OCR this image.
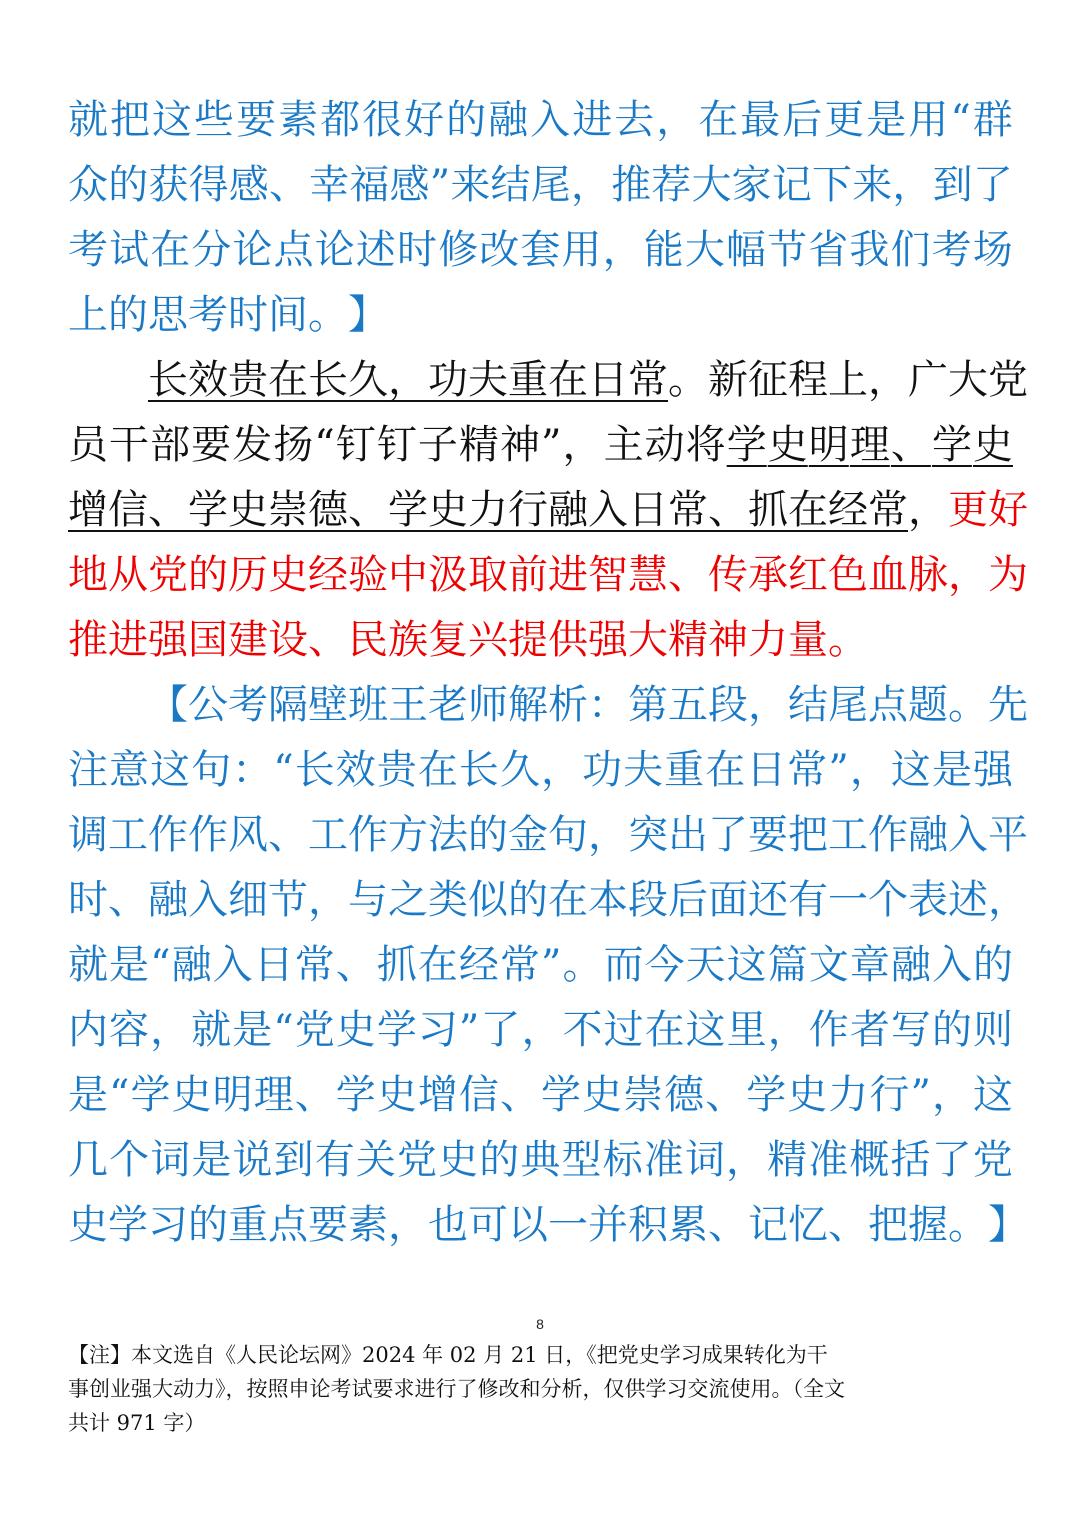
就 把 这 些 要 素 都 很 好 的 融 入 进 去 ， 在 最 后 更 是 用 “ 群
众 的 获 得 感 、 幸 福 感 ” 来 结 尾 ， 推 荐 大 家 记 下 来 ， 到 了
考 试 在 分 论 点 论 述 时 修 改 套 用 ， 能 大 幅 节 省 我 们 考 场
上 的 思 考 时 间 。 】
长 效 贵 在 长 久 ， 功 夫 重 在 日 常 。 新 征 程 上 ， 广 大 党
员 干 部 要 发 扬 “ 钉 钉 子 精 神 ” ， 主 动 将 学 史 明 理 、 学 史
增 信 、 学 史 崇 德 、 学 史 力 行 融 入 日 常 、 抓 在 经 常 ， 更 好
地 从 党 的 历 史 经 验 中 汲 取 前 进 智 慧 、 传 承 红 色 血 脉 ， 为
推 进 强 国 建 设 、 民 族 复 兴 提 供 强 大 精 神 力 量 。
【 公 考 隔 壁 班 王 老 师 解 析 ： 第 五 段 ， 结 尾 点 题 。 先
注 意 这 句 ： “ 长 效 贵 在 长 久 ， 功 夫 重 在 日 常 ” ， 这 是 强
调 工 作 作 风 、 工 作 方 法 的 金 句 ， 突 出 了 要 把 工 作 融 入 平
时 、 融 入 细 节 ， 与 之 类 似 的 在 本 段 后 面 还 有 一 个 表 述 ，
就 是 “ 融 入 日 常 、 抓 在 经 常 ” 。 而 今 天 这 篇 文 章 融 入 的
内 容 ， 就 是 “ 党 史 学 习 ” 了 ， 不 过 在 这 里 ， 作 者 写 的 则
是 “ 学 史 明 理 、 学 史 增 信 、 学 史 崇 德 、 学 史 力 行 ” ， 这
几 个 词 是 说 到 有 关 党 史 的 典 型 标 准 词 ， 精 准 概 括 了 党
史 学 习 的 重 点 要 素 ， 也 可 以 一 并 积 累 、 记 忆 、 把 握 。 】
8
【注】本文选自《人民论坛网》2024 年 02 月 21 日，《把党史学习成果转化为干
事创业强大动力》，按照申论考试要求进行了修改和分析，仅供学习交流使用。（全文
共计 971 字）
